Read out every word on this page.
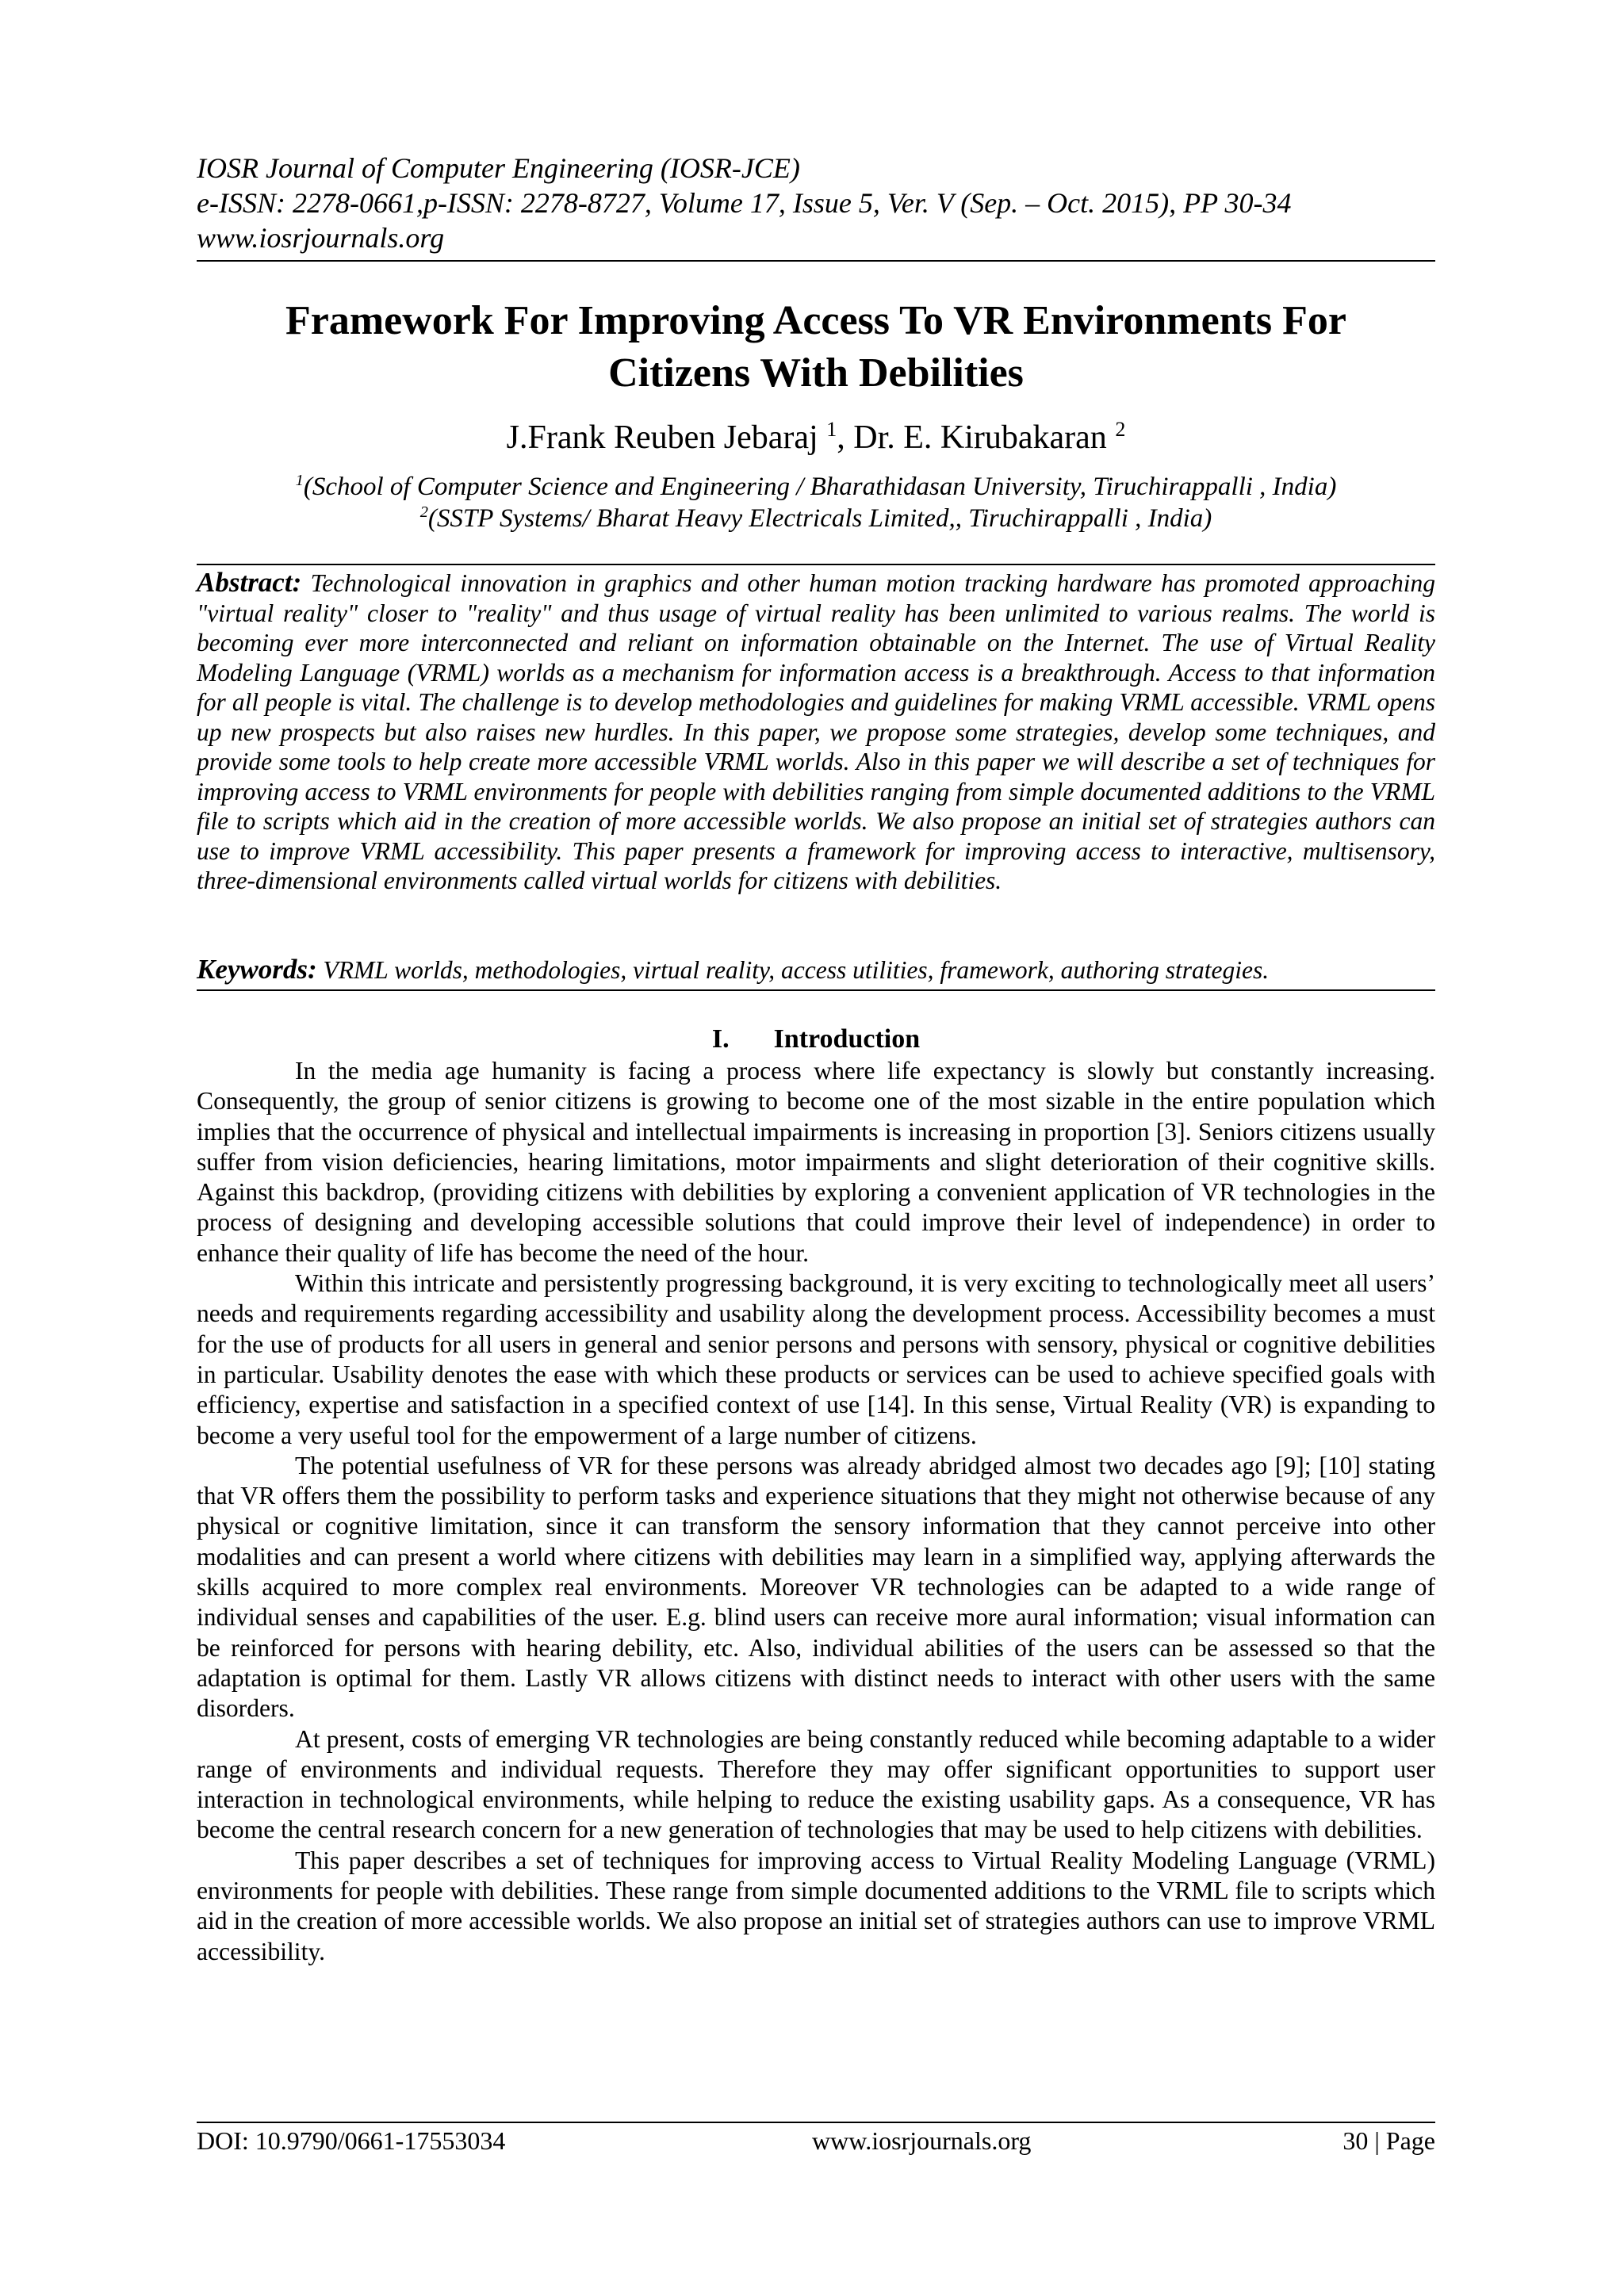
IOSR Journal of Computer Engineering (IOSR-JCE)
e-ISSN: 2278-0661,p-ISSN: 2278-8727, Volume 17, Issue 5, Ver. V (Sep. – Oct. 2015), PP 30-34
www.iosrjournals.org
Framework For Improving Access To VR Environments For
Citizens With Debilities
J.Frank Reuben Jebaraj $^1$, Dr. E. Kirubakaran $^2$
$^1$(School of Computer Science and Engineering / Bharathidasan University, Tiruchirappalli , India)
$^2$(SSTP Systems/ Bharat Heavy Electricals Limited,, Tiruchirappalli , India)
Abstract: Technological innovation in graphics and other human motion tracking hardware has promoted approaching "virtual reality" closer to "reality" and thus usage of virtual reality has been unlimited to various realms. The world is becoming ever more interconnected and reliant on information obtainable on the Internet. The use of Virtual Reality Modeling Language (VRML) worlds as a mechanism for information access is a breakthrough. Access to that information for all people is vital. The challenge is to develop methodologies and guidelines for making VRML accessible. VRML opens up new prospects but also raises new hurdles. In this paper, we propose some strategies, develop some techniques, and provide some tools to help create more accessible VRML worlds. Also in this paper we will describe a set of techniques for improving access to VRML environments for people with debilities ranging from simple documented additions to the VRML file to scripts which aid in the creation of more accessible worlds. We also propose an initial set of strategies authors can use to improve VRML accessibility. This paper presents a framework for improving access to interactive, multisensory, three-dimensional environments called virtual worlds for citizens with debilities.
Keywords: VRML worlds, methodologies, virtual reality, access utilities, framework, authoring strategies.
I. Introduction

In the media age humanity is facing a process where life expectancy is slowly but constantly increasing. Consequently, the group of senior citizens is growing to become one of the most sizable in the entire population which implies that the occurrence of physical and intellectual impairments is increasing in proportion [3]. Seniors citizens usually suffer from vision deficiencies, hearing limitations, motor impairments and slight deterioration of their cognitive skills. Against this backdrop, (providing citizens with debilities by exploring a convenient application of VR technologies in the process of designing and developing accessible solutions that could improve their level of independence) in order to enhance their quality of life has become the need of the hour.

Within this intricate and persistently progressing background, it is very exciting to technologically meet all users’ needs and requirements regarding accessibility and usability along the development process. Accessibility becomes a must for the use of products for all users in general and senior persons and persons with sensory, physical or cognitive debilities in particular. Usability denotes the ease with which these products or services can be used to achieve specified goals with efficiency, expertise and satisfaction in a specified context of use [14]. In this sense, Virtual Reality (VR) is expanding to become a very useful tool for the empowerment of a large number of citizens.

The potential usefulness of VR for these persons was already abridged almost two decades ago [9]; [10] stating that VR offers them the possibility to perform tasks and experience situations that they might not otherwise because of any physical or cognitive limitation, since it can transform the sensory information that they cannot perceive into other modalities and can present a world where citizens with debilities may learn in a simplified way, applying afterwards the skills acquired to more complex real environments. Moreover VR technologies can be adapted to a wide range of individual senses and capabilities of the user. E.g. blind users can receive more aural information; visual information can be reinforced for persons with hearing debility, etc. Also, individual abilities of the users can be assessed so that the adaptation is optimal for them. Lastly VR allows citizens with distinct needs to interact with other users with the same disorders.

At present, costs of emerging VR technologies are being constantly reduced while becoming adaptable to a wider range of environments and individual requests. Therefore they may offer significant opportunities to support user interaction in technological environments, while helping to reduce the existing usability gaps. As a consequence, VR has become the central research concern for a new generation of technologies that may be used to help citizens with debilities.

This paper describes a set of techniques for improving access to Virtual Reality Modeling Language (VRML) environments for people with debilities. These range from simple documented additions to the VRML file to scripts which aid in the creation of more accessible worlds. We also propose an initial set of strategies authors can use to improve VRML accessibility.

DOI: 10.9790/0661-17553034	www.iosrjournals.org	30 | Page
